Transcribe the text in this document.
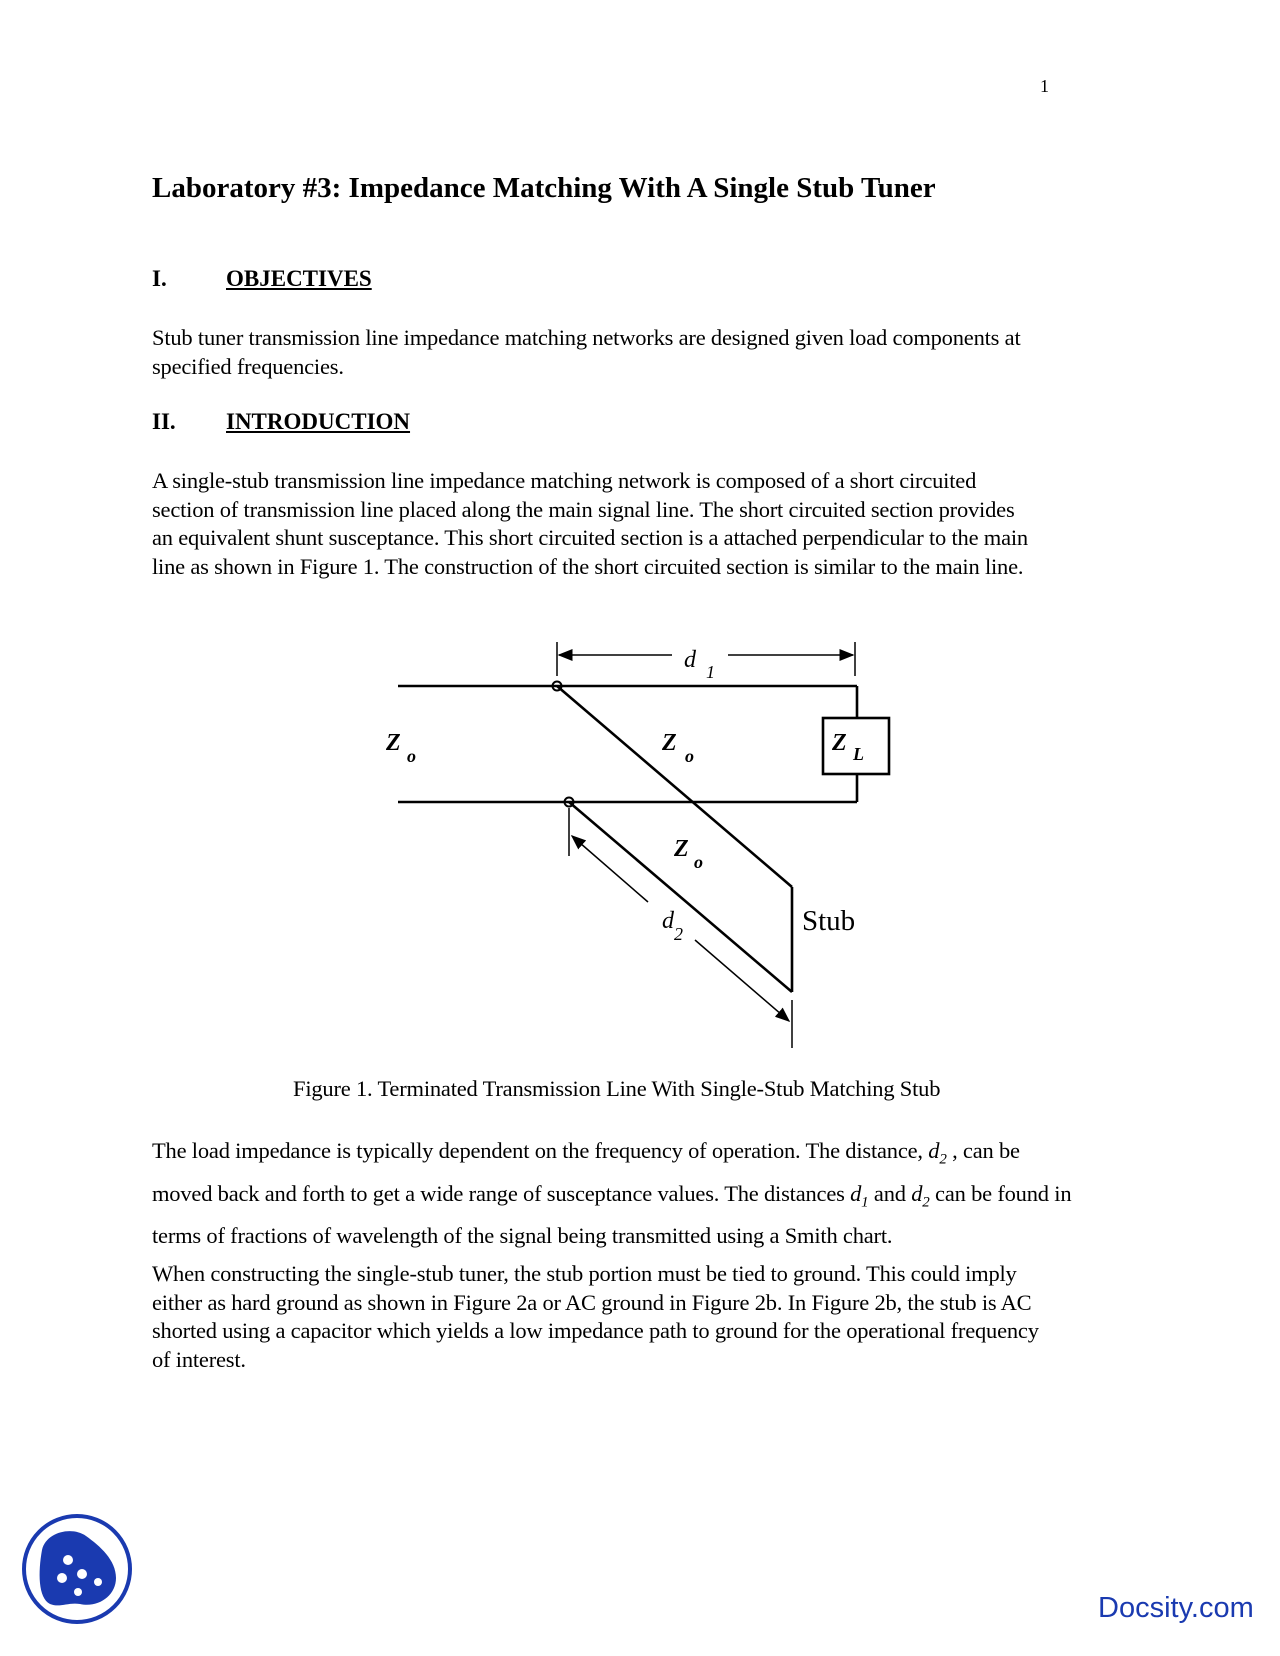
1
Laboratory #3: Impedance Matching With A Single Stub Tuner
I.	OBJECTIVES

Stub tuner transmission line impedance matching networks are designed given load components at specified frequencies.

II. INTRODUCTION

A single-stub transmission line impedance matching network is composed of a short circuited section of transmission line placed along the main signal line. The short circuited section provides an equivalent shunt susceptance. This short circuited section is a attached perpendicular to the main line as shown in Figure 1. The construction of the short circuited section is similar to the main line.

Z o	Z o
Z o
Z L
d 1
d 2	Stub

Figure 1. Terminated Transmission Line With Single-Stub Matching Stub

The load impedance is typically dependent on the frequency of operation. The distance, $d_2$ , can be moved back and forth to get a wide range of susceptance values. The distances $d_1$ and $d_2$ can be found in terms of fractions of wavelength of the signal being transmitted using a Smith chart.

When constructing the single-stub tuner, the stub portion must be tied to ground. This could imply either as hard ground as shown in Figure 2a or AC ground in Figure 2b. In Figure 2b, the stub is AC shorted using a capacitor which yields a low impedance path to ground for the operational frequency of interest.

Docsity.com
